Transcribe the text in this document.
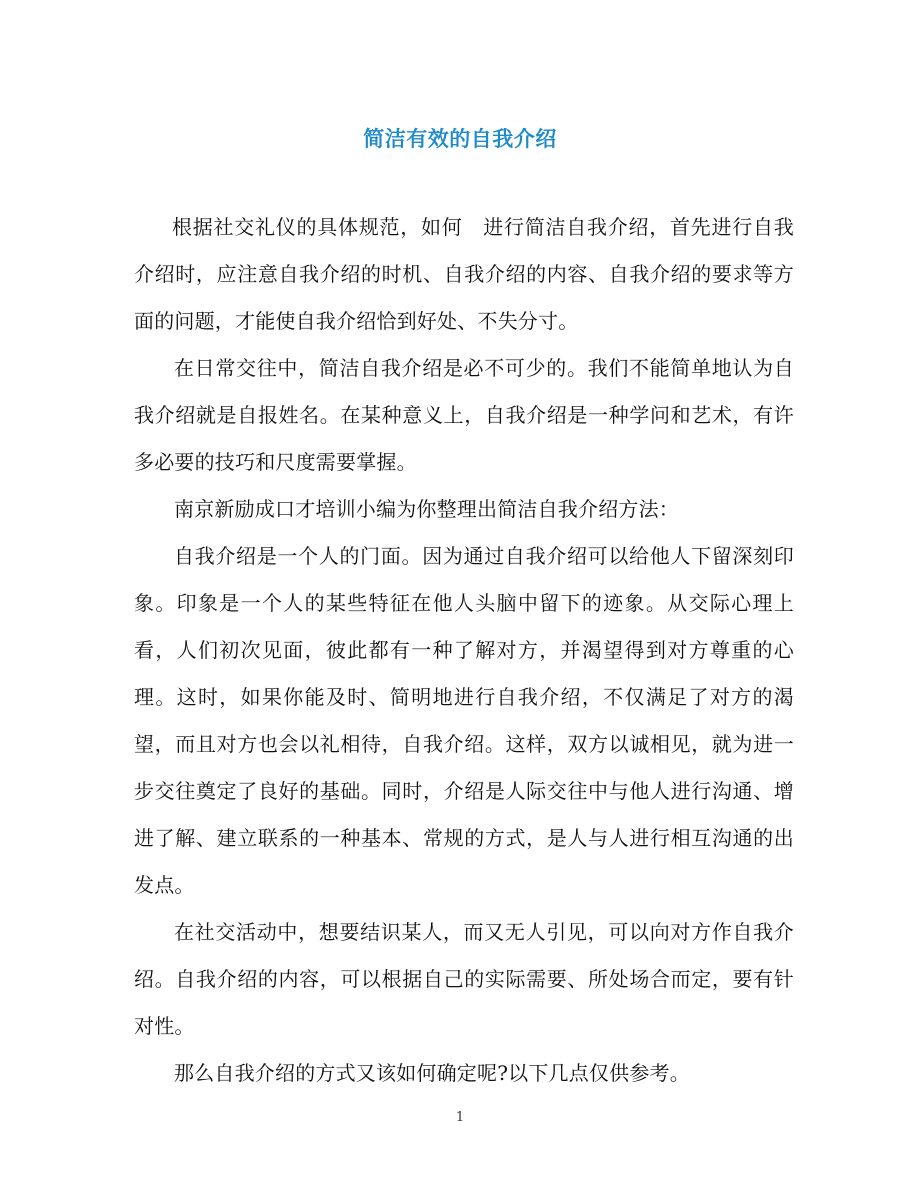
简洁有效的自我介绍

根据社交礼仪的具体规范，如何　进行简洁自我介绍，首先进行自我介绍时，应注意自我介绍的时机、自我介绍的内容、自我介绍的要求等方面的问题，才能使自我介绍恰到好处、不失分寸。

在日常交往中，简洁自我介绍是必不可少的。我们不能简单地认为自我介绍就是自报姓名。在某种意义上，自我介绍是一种学问和艺术，有许多必要的技巧和尺度需要掌握。

南京新励成口才培训小编为你整理出简洁自我介绍方法：

自我介绍是一个人的门面。因为通过自我介绍可以给他人下留深刻印象。印象是一个人的某些特征在他人头脑中留下的迹象。从交际心理上看，人们初次见面，彼此都有一种了解对方，并渴望得到对方尊重的心理。这时，如果你能及时、简明地进行自我介绍，不仅满足了对方的渴望，而且对方也会以礼相待，自我介绍。这样，双方以诚相见，就为进一步交往奠定了良好的基础。同时，介绍是人际交往中与他人进行沟通、增进了解、建立联系的一种基本、常规的方式，是人与人进行相互沟通的出发点。

在社交活动中，想要结识某人，而又无人引见，可以向对方作自我介绍。自我介绍的内容，可以根据自己的实际需要、所处场合而定，要有针对性。

那么自我介绍的方式又该如何确定呢?以下几点仅供参考。

1
